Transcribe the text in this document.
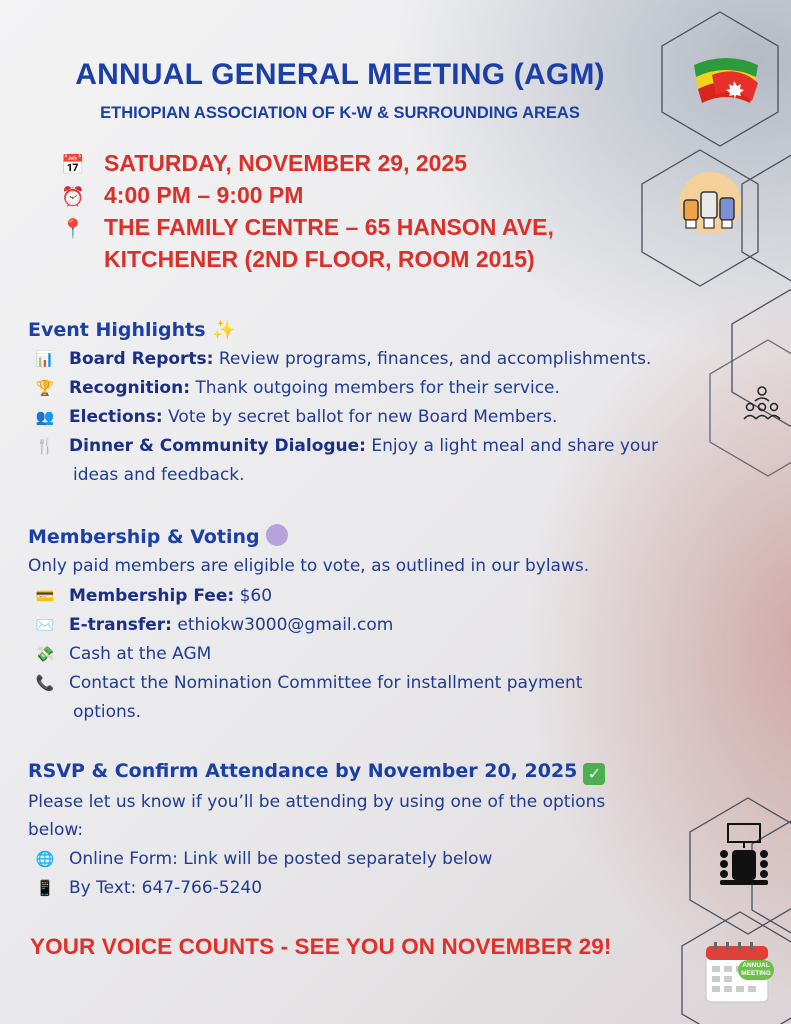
ANNUAL
MEETING
ANNUAL GENERAL MEETING (AGM)
ETHIOPIAN ASSOCIATION OF K-W & SURROUNDING AREAS
📅 SATURDAY, NOVEMBER 29, 2025
⏰ 4:00 PM – 9:00 PM
📍 THE FAMILY CENTRE – 65 HANSON AVE,
KITCHENER (2ND FLOOR, ROOM 2015)
Event Highlights ✨
📊 Board Reports: Review programs, finances, and accomplishments.
🏆 Recognition: Thank outgoing members for their service.
👥 Elections: Vote by secret ballot for new Board Members.
🍴 Dinner & Community Dialogue: Enjoy a light meal and share your
ideas and feedback.
Membership & Voting
Only paid members are eligible to vote, as outlined in our bylaws.
💳 Membership Fee: $60
✉️ E-transfer: ethiokw3000@gmail.com
💸 Cash at the AGM
📞 Contact the Nomination Committee for installment payment
options.
RSVP & Confirm Attendance by November 20, 2025 ✓
Please let us know if you’ll be attending by using one of the options
below:
🌐 Online Form: Link will be posted separately below
📱 By Text: 647-766-5240
YOUR VOICE COUNTS - SEE YOU ON NOVEMBER 29!
